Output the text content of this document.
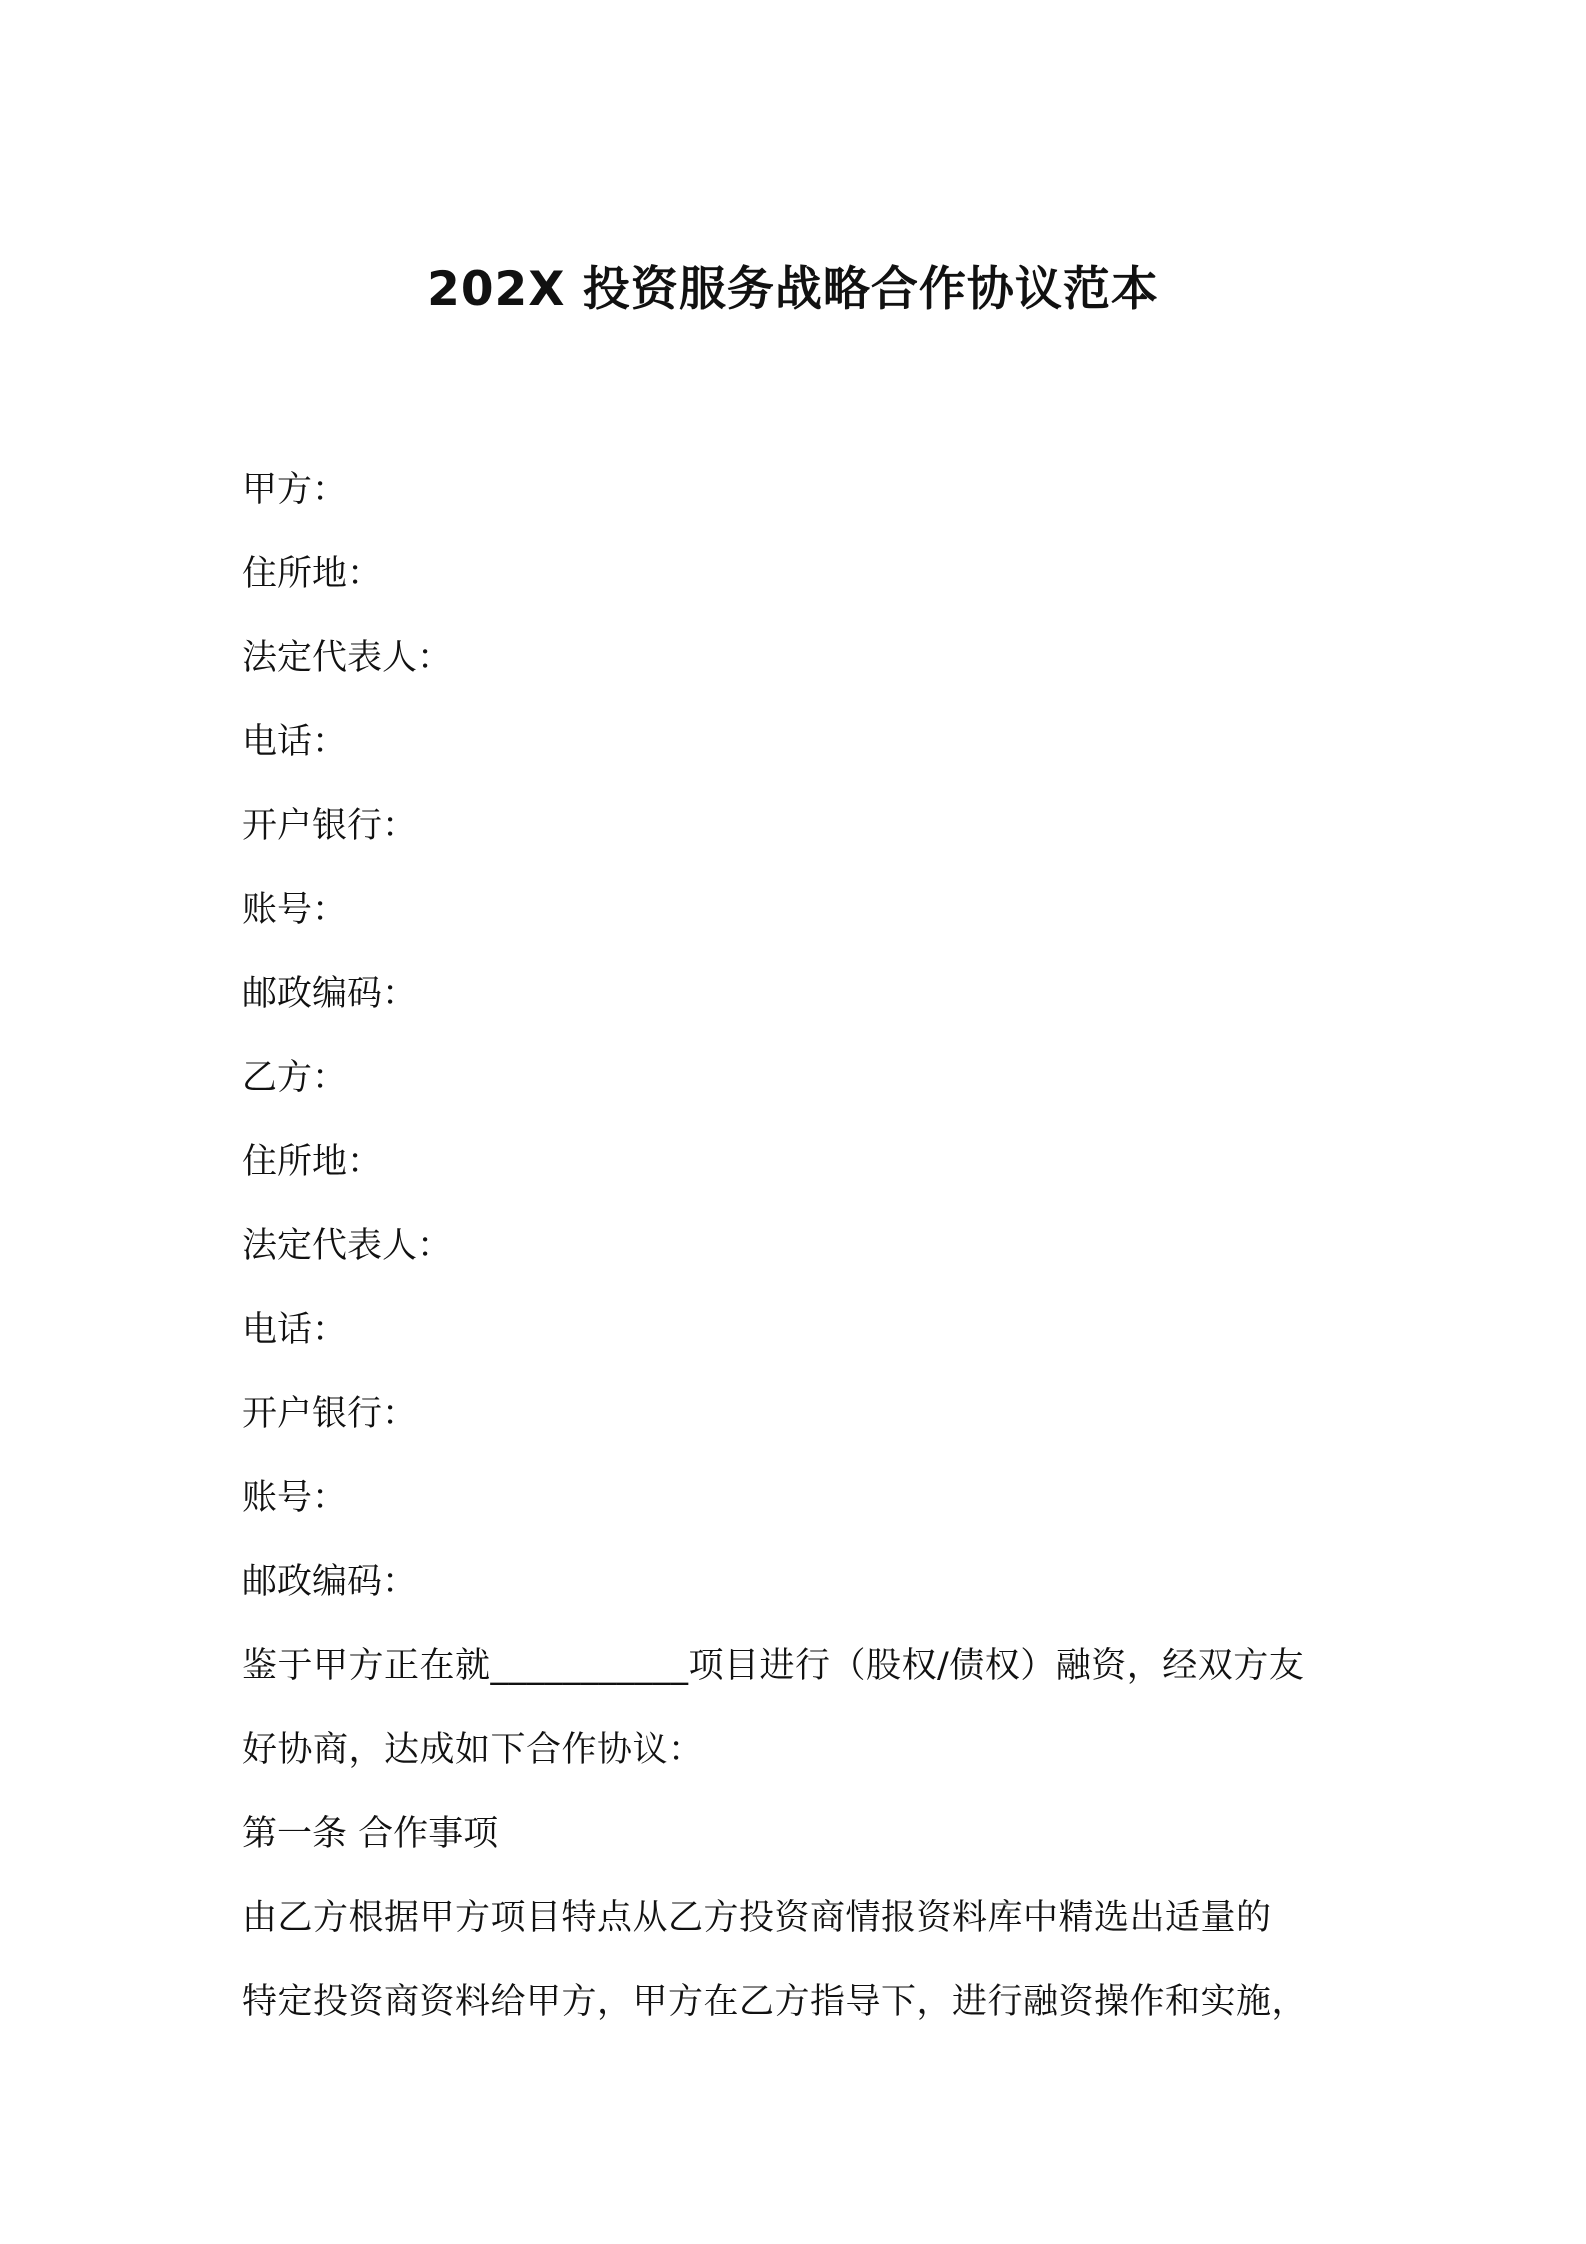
202X 投资服务战略合作协议范本
甲方：
住所地：
法定代表人：
电话：
开户银行：
账号：
邮政编码：
乙方：
住所地：
法定代表人：
电话：
开户银行：
账号：
邮政编码：
鉴于甲方正在就___________项目进行（股权/债权）融资，经双方友
好协商，达成如下合作协议：
第一条 合作事项
由乙方根据甲方项目特点从乙方投资商情报资料库中精选出适量的
特定投资商资料给甲方，甲方在乙方指导下，进行融资操作和实施，
